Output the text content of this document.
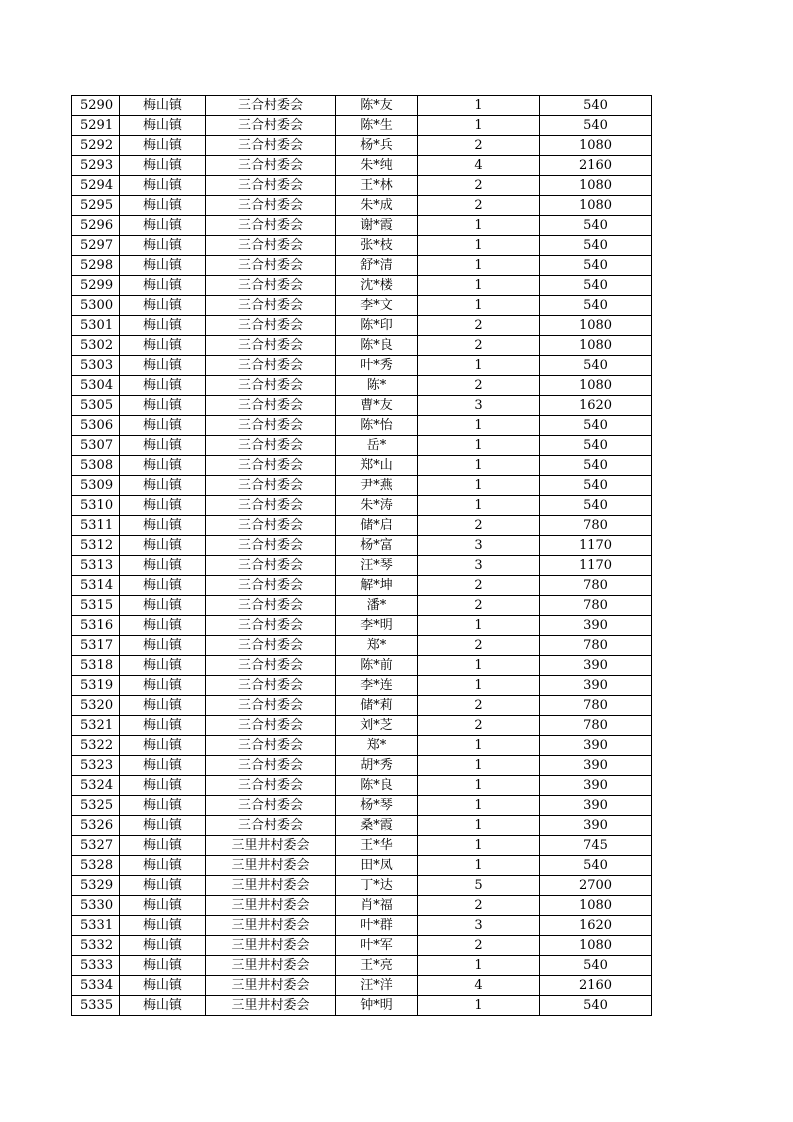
5290	梅山镇	三合村委会	陈*友	1	540
5291	梅山镇	三合村委会	陈*生	1	540
5292	梅山镇	三合村委会	杨*兵	2	1080
5293	梅山镇	三合村委会	朱*纯	4	2160
5294	梅山镇	三合村委会	王*林	2	1080
5295	梅山镇	三合村委会	朱*成	2	1080
5296	梅山镇	三合村委会	谢*霞	1	540
5297	梅山镇	三合村委会	张*枝	1	540
5298	梅山镇	三合村委会	舒*清	1	540
5299	梅山镇	三合村委会	沈*楼	1	540
5300	梅山镇	三合村委会	李*文	1	540
5301	梅山镇	三合村委会	陈*印	2	1080
5302	梅山镇	三合村委会	陈*良	2	1080
5303	梅山镇	三合村委会	叶*秀	1	540
5304	梅山镇	三合村委会	陈*	2	1080
5305	梅山镇	三合村委会	曹*友	3	1620
5306	梅山镇	三合村委会	陈*怡	1	540
5307	梅山镇	三合村委会	岳*	1	540
5308	梅山镇	三合村委会	郑*山	1	540
5309	梅山镇	三合村委会	尹*燕	1	540
5310	梅山镇	三合村委会	朱*涛	1	540
5311	梅山镇	三合村委会	储*启	2	780
5312	梅山镇	三合村委会	杨*富	3	1170
5313	梅山镇	三合村委会	汪*琴	3	1170
5314	梅山镇	三合村委会	解*坤	2	780
5315	梅山镇	三合村委会	潘*	2	780
5316	梅山镇	三合村委会	李*明	1	390
5317	梅山镇	三合村委会	郑*	2	780
5318	梅山镇	三合村委会	陈*前	1	390
5319	梅山镇	三合村委会	李*连	1	390
5320	梅山镇	三合村委会	储*莉	2	780
5321	梅山镇	三合村委会	刘*芝	2	780
5322	梅山镇	三合村委会	郑*	1	390
5323	梅山镇	三合村委会	胡*秀	1	390
5324	梅山镇	三合村委会	陈*良	1	390
5325	梅山镇	三合村委会	杨*琴	1	390
5326	梅山镇	三合村委会	桑*霞	1	390
5327	梅山镇	三里井村委会	王*华	1	745
5328	梅山镇	三里井村委会	田*凤	1	540
5329	梅山镇	三里井村委会	丁*达	5	2700
5330	梅山镇	三里井村委会	肖*福	2	1080
5331	梅山镇	三里井村委会	叶*群	3	1620
5332	梅山镇	三里井村委会	叶*军	2	1080
5333	梅山镇	三里井村委会	王*亮	1	540
5334	梅山镇	三里井村委会	汪*洋	4	2160
5335	梅山镇	三里井村委会	钟*明	1	540
